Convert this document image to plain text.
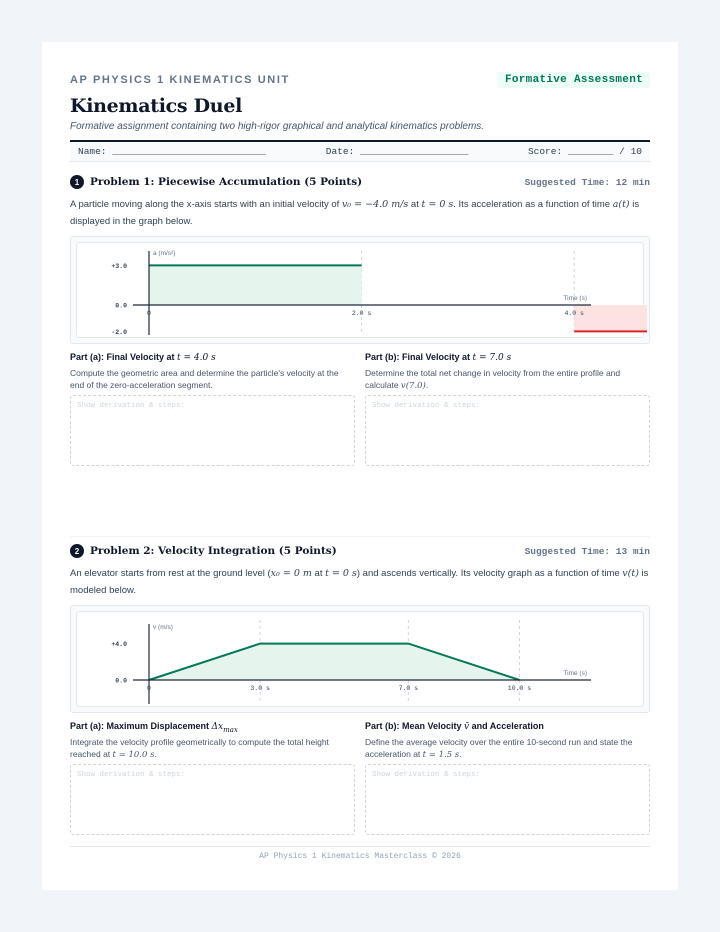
AP PHYSICS 1 KINEMATICS UNIT	Formative Assessment
Kinematics Duel
Formative assignment containing two high-rigor graphical and analytical kinematics problems.
Name: ___________________________	Date: ___________________	Score: ________ / 10
1	Problem 1: Piecewise Accumulation (5 Points)	Suggested Time: 12 min
A particle moving along the x-axis starts with an initial velocity of v₀ = −4.0 m/s at t = 0 s. Its acceleration as a function of time a(t) is displayed in the graph below.
a (m/s²)
Time (s)
+3.0
0.0
-2.0
0	2.0 s	4.0 s
Part (a): Final Velocity at t = 4.0 s
Compute the geometric area and determine the particle's velocity at the end of the zero-acceleration segment.
Show derivation & steps:
Part (b): Final Velocity at t = 7.0 s
Determine the total net change in velocity from the entire profile and calculate v(7.0).
Show derivation & steps:
2	Problem 2: Velocity Integration (5 Points)	Suggested Time: 13 min
An elevator starts from rest at the ground level (x₀ = 0 m at t = 0 s) and ascends vertically. Its velocity graph as a function of time v(t) is modeled below.
v (m/s)
Time (s)
+4.0
0.0
0	3.0 s	7.0 s	10.0 s
Part (a): Maximum Displacement $\Delta x_{max}$
Integrate the velocity profile geometrically to compute the total height reached at t = 10.0 s.
Show derivation & steps:
Part (b): Mean Velocity v̄ and Acceleration
Define the average velocity over the entire 10-second run and state the acceleration at t = 1.5 s.
Show derivation & steps:
AP Physics 1 Kinematics Masterclass © 2026
